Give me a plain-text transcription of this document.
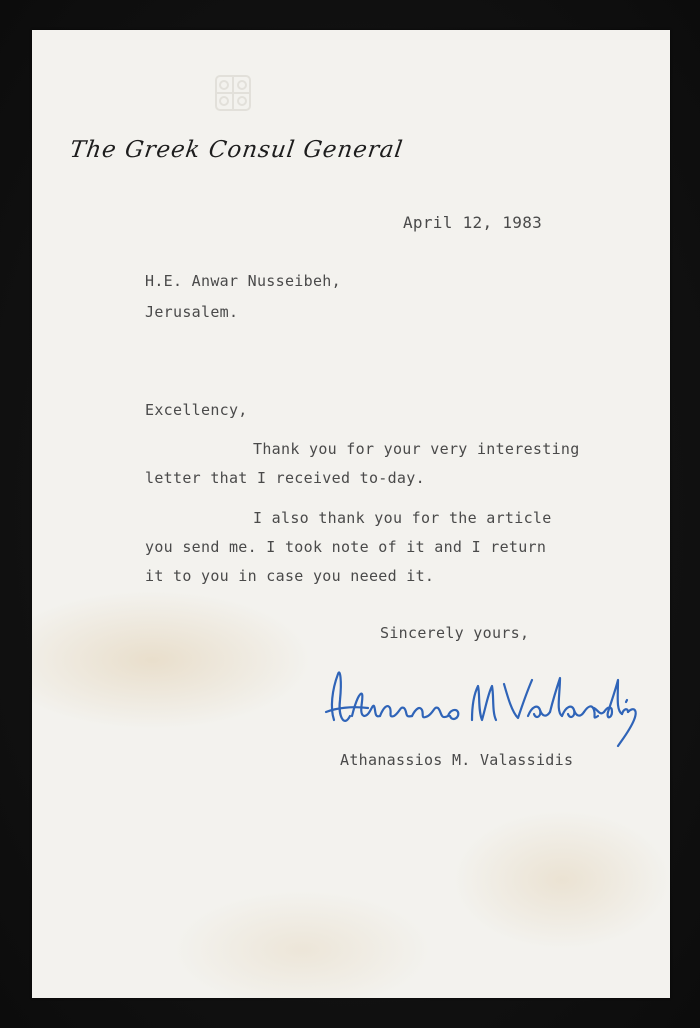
The Greek Consul General

April 12, 1983

H.E. Anwar Nusseibeh,

Jerusalem.

Excellency,

Thank you for your very interesting

letter that I received to-day.

I also thank you for the article

you send me. I took note of it and I return

it to you in case you neeed it.

Sincerely yours,

Athanassios M. Valassidis
